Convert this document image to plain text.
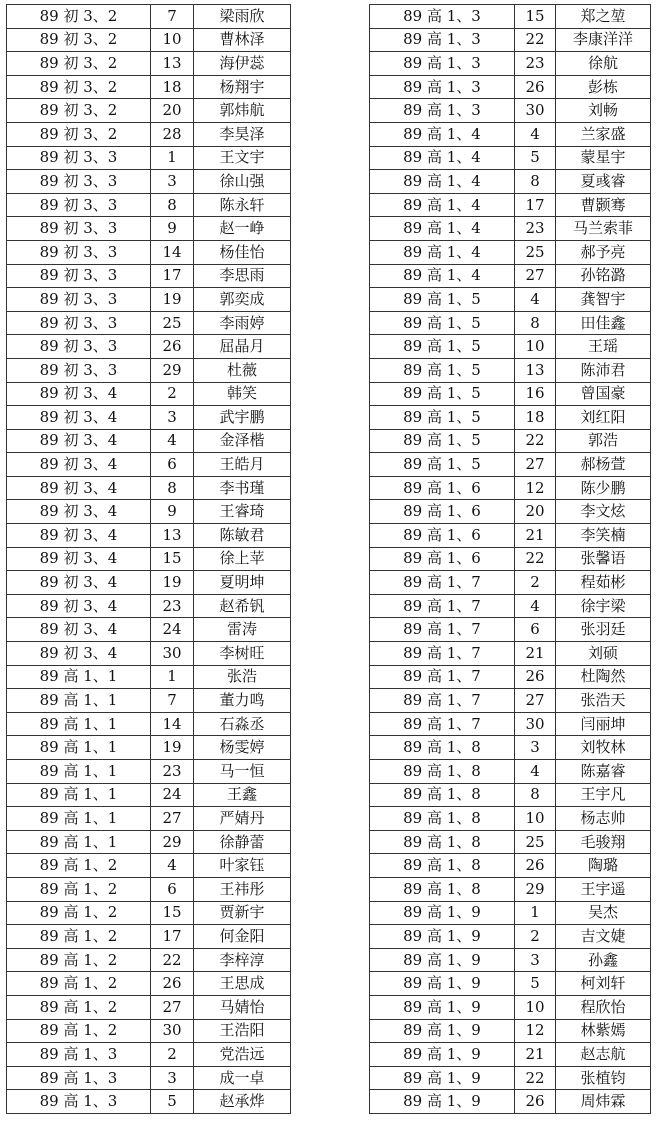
89 初 3、2	7	梁雨欣
89 初 3、2	10	曹林泽
89 初 3、2	13	海伊蕊
89 初 3、2	18	杨翔宇
89 初 3、2	20	郭炜航
89 初 3、2	28	李昊泽
89 初 3、3	1	王文宇
89 初 3、3	3	徐山强
89 初 3、3	8	陈永轩
89 初 3、3	9	赵一峥
89 初 3、3	14	杨佳怡
89 初 3、3	17	李思雨
89 初 3、3	19	郭奕成
89 初 3、3	25	李雨婷
89 初 3、3	26	屈晶月
89 初 3、3	29	杜薇
89 初 3、4	2	韩笑
89 初 3、4	3	武宇鹏
89 初 3、4	4	金泽楷
89 初 3、4	6	王皓月
89 初 3、4	8	李书瑾
89 初 3、4	9	王睿琦
89 初 3、4	13	陈敏君
89 初 3、4	15	徐上苹
89 初 3、4	19	夏明坤
89 初 3、4	23	赵希钒
89 初 3、4	24	雷涛
89 初 3、4	30	李树旺
89 高 1、1	1	张浩
89 高 1、1	7	董力鸣
89 高 1、1	14	石淼丞
89 高 1、1	19	杨雯婷
89 高 1、1	23	马一恒
89 高 1、1	24	王鑫
89 高 1、1	27	严婧丹
89 高 1、1	29	徐静蕾
89 高 1、2	4	叶家钰
89 高 1、2	6	王祎彤
89 高 1、2	15	贾新宇
89 高 1、2	17	何金阳
89 高 1、2	22	李梓淳
89 高 1、2	26	王思成
89 高 1、2	27	马婧怡
89 高 1、2	30	王浩阳
89 高 1、3	2	党浩远
89 高 1、3	3	成一卓
89 高 1、3	5	赵承烨
89 高 1、3	15	郑之堃
89 高 1、3	22	李康洋洋
89 高 1、3	23	徐航
89 高 1、3	26	彭栋
89 高 1、3	30	刘畅
89 高 1、4	4	兰家盛
89 高 1、4	5	蒙星宇
89 高 1、4	8	夏彧睿
89 高 1、4	17	曹颢骞
89 高 1、4	23	马兰索菲
89 高 1、4	25	郝予亮
89 高 1、4	27	孙铭潞
89 高 1、5	4	龚智宇
89 高 1、5	8	田佳鑫
89 高 1、5	10	王瑶
89 高 1、5	13	陈沛君
89 高 1、5	16	曾国豪
89 高 1、5	18	刘红阳
89 高 1、5	22	郭浩
89 高 1、5	27	郝杨萱
89 高 1、6	12	陈少鹏
89 高 1、6	20	李文炫
89 高 1、6	21	李笑楠
89 高 1、6	22	张馨语
89 高 1、7	2	程茹彬
89 高 1、7	4	徐宇梁
89 高 1、7	6	张羽廷
89 高 1、7	21	刘硕
89 高 1、7	26	杜陶然
89 高 1、7	27	张浩天
89 高 1、7	30	闫丽坤
89 高 1、8	3	刘牧林
89 高 1、8	4	陈嘉睿
89 高 1、8	8	王宇凡
89 高 1、8	10	杨志帅
89 高 1、8	25	毛骏翔
89 高 1、8	26	陶璐
89 高 1、8	29	王宇遥
89 高 1、9	1	吴杰
89 高 1、9	2	吉文婕
89 高 1、9	3	孙鑫
89 高 1、9	5	柯刘轩
89 高 1、9	10	程欣怡
89 高 1、9	12	林紫嫣
89 高 1、9	21	赵志航
89 高 1、9	22	张植钧
89 高 1、9	26	周炜霖
